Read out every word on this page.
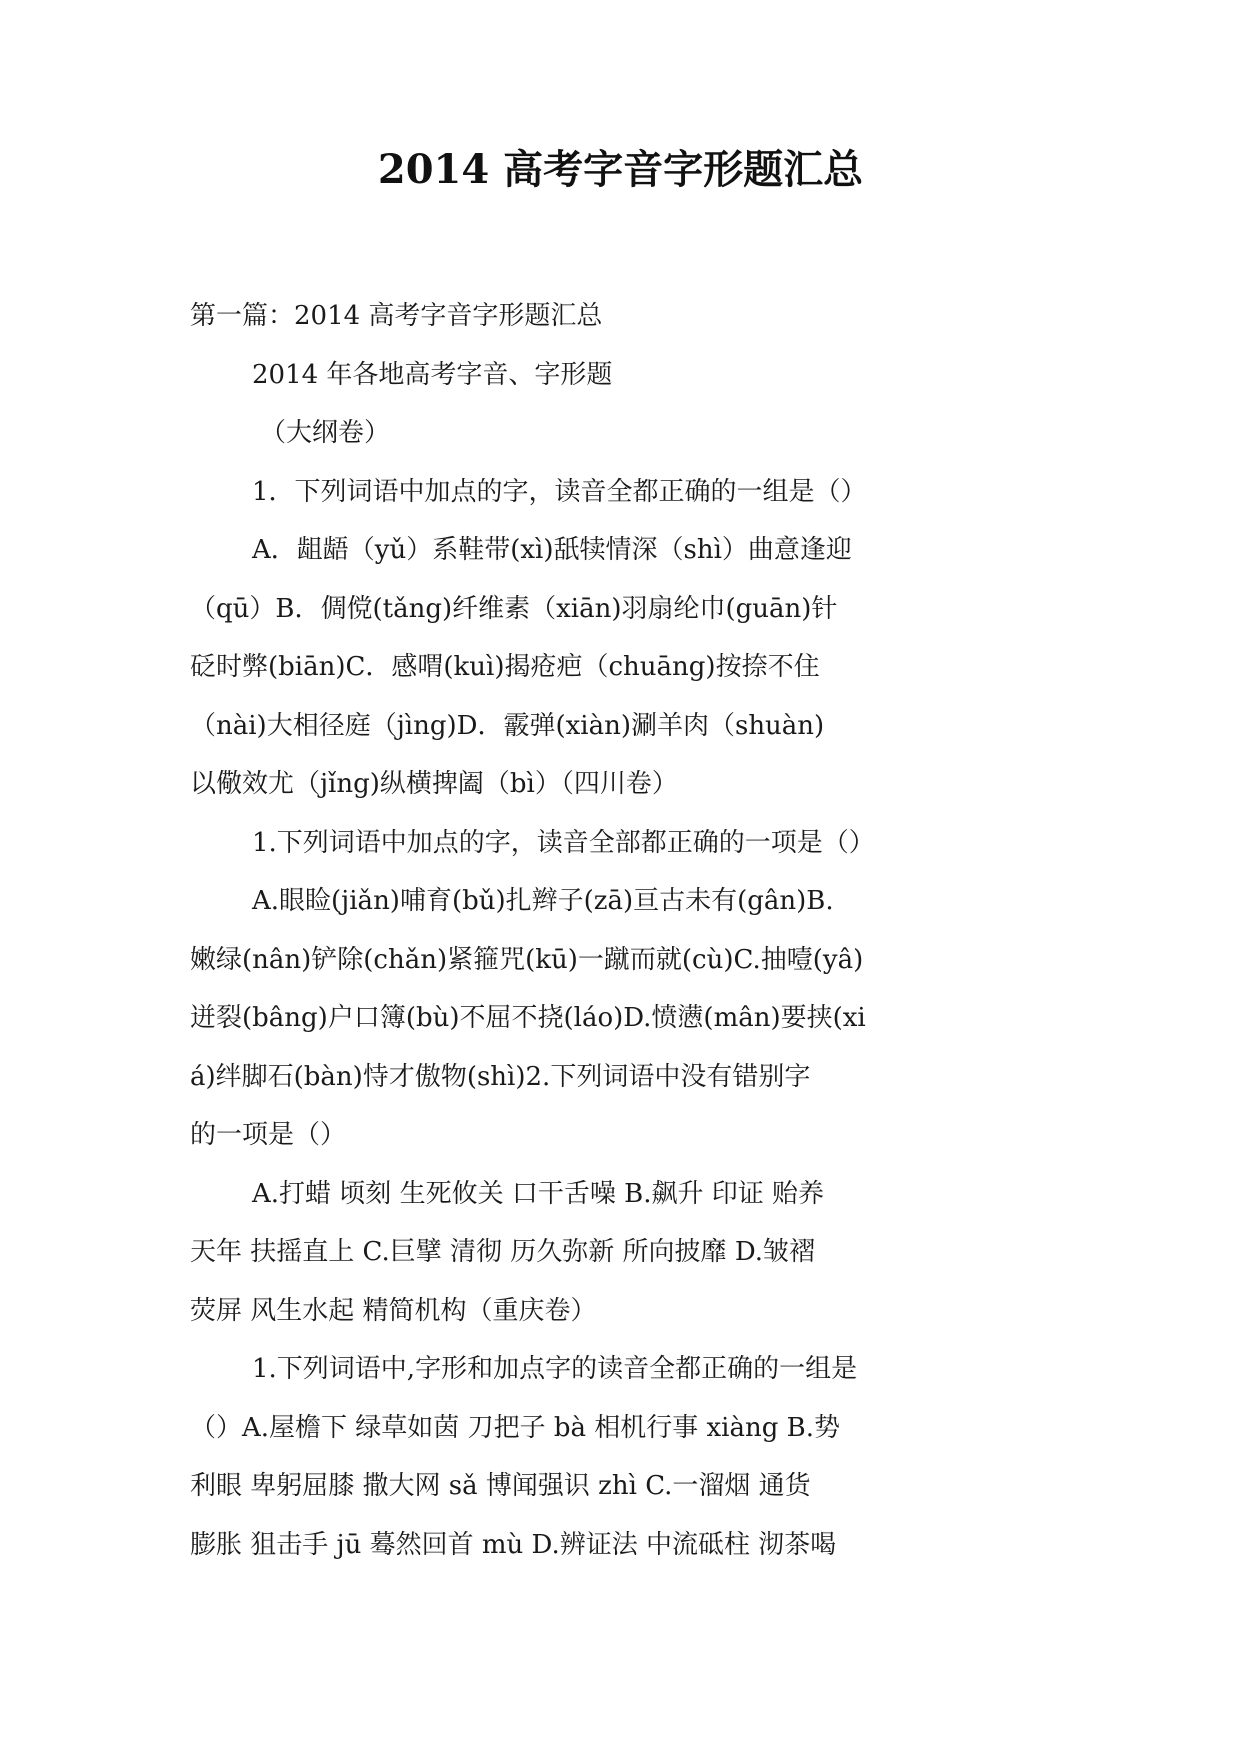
2014 高考字音字形题汇总
第一篇：2014 高考字音字形题汇总
2014 年各地高考字音、字形题
（大纲卷）
1．下列词语中加点的字，读音全都正确的一组是（）
A．龃龉（yǔ）系鞋带(xì)舐犊情深（shì）曲意逢迎
（qū）B．倜傥(tǎng)纤维素（xiān)羽扇纶巾(guān)针
砭时弊(biān)C．感喟(kuì)揭疮疤（chuāng)按捺不住
（nài)大相径庭（jìng)D．霰弹(xiàn)涮羊肉（shuàn)
以儆效尤（jǐng)纵横捭阖（bì）（四川卷）
1.下列词语中加点的字，读音全部都正确的一项是（）
A.眼睑(jiǎn)哺育(bǔ)扎辫子(zā)亘古未有(gân)B.
嫩绿(nân)铲除(chǎn)紧箍咒(kū)一蹴而就(cù)C.抽噎(yâ)
迸裂(bâng)户口簿(bù)不屈不挠(láo)D.愤懑(mân)要挟(xi
á)绊脚石(bàn)恃才傲物(shì)2.下列词语中没有错别字
的一项是（）
A.打蜡 顷刻 生死攸关 口干舌噪 B.飙升 印证 贻养
天年 扶摇直上 C.巨擘 清彻 历久弥新 所向披靡 D.皱褶
荧屏 风生水起 精简机构（重庆卷）
1.下列词语中,字形和加点字的读音全都正确的一组是
（）A.屋檐下 绿草如茵 刀把子 bà 相机行事 xiàng B.势
利眼 卑躬屈膝 撒大网 sǎ 博闻强识 zhì C.一溜烟 通货
膨胀 狙击手 jū 蓦然回首 mù D.辨证法 中流砥柱 沏茶喝
